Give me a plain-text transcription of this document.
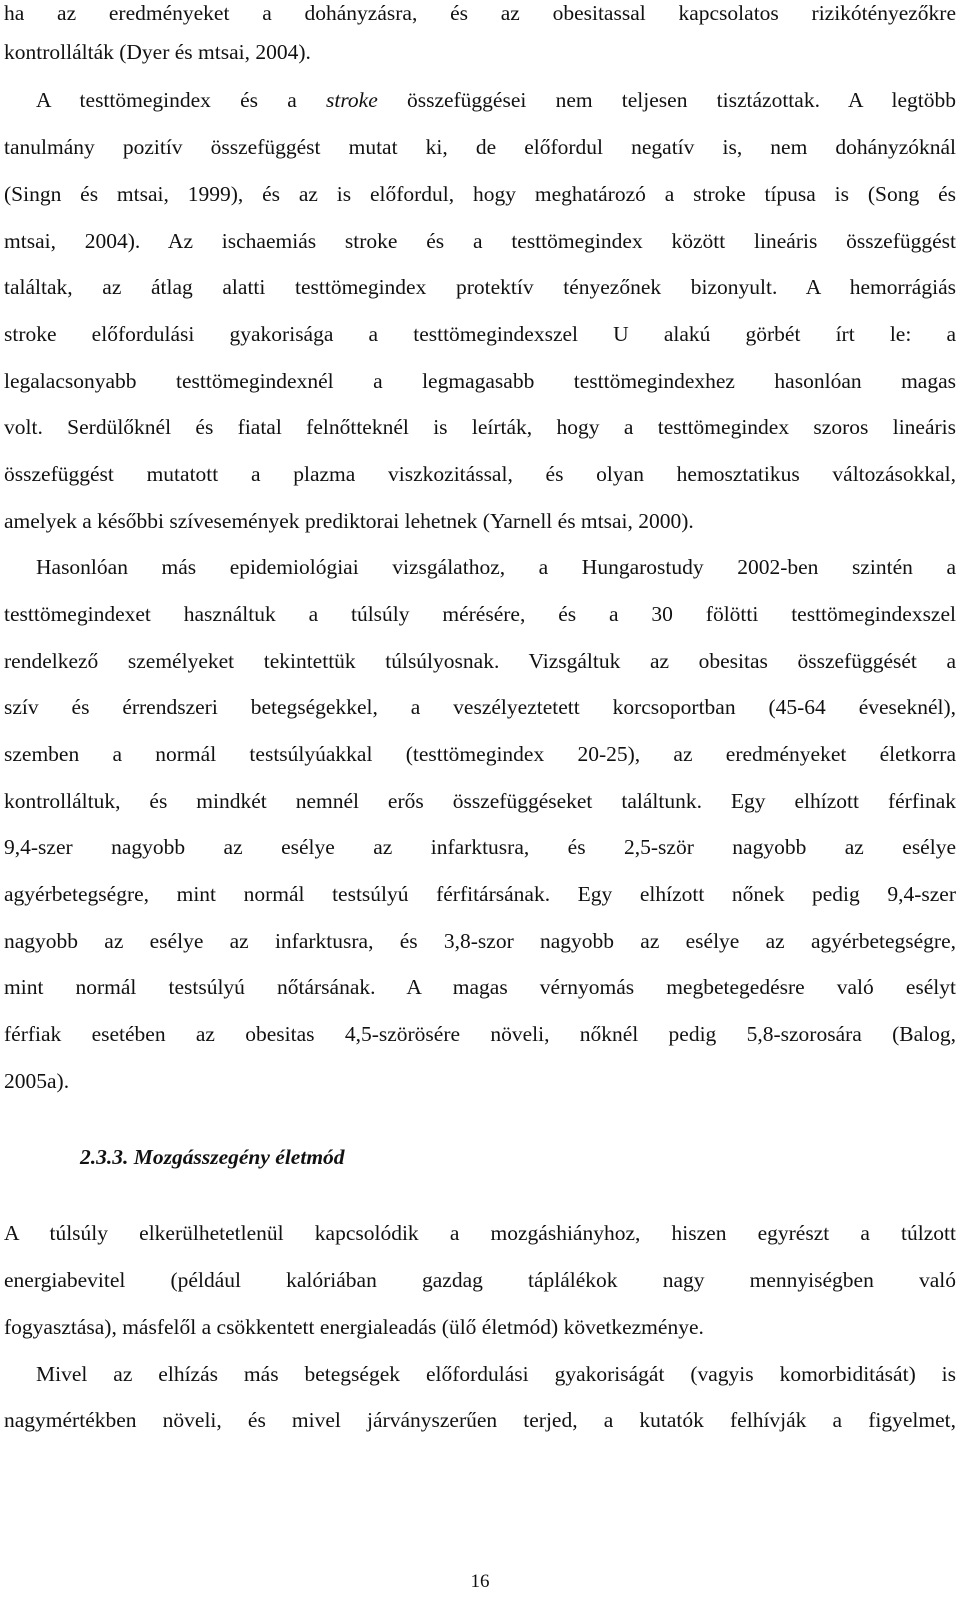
ha az eredményeket a dohányzásra, és az obesitassal kapcsolatos rizikótényezőkre
kontrollálták (Dyer és mtsai, 2004).
A testtömegindex és a stroke összefüggései nem teljesen tisztázottak. A legtöbb
tanulmány pozitív összefüggést mutat ki, de előfordul negatív is, nem dohányzóknál
(Singn és mtsai, 1999), és az is előfordul, hogy meghatározó a stroke típusa is (Song és
mtsai, 2004). Az ischaemiás stroke és a testtömegindex között lineáris összefüggést
találtak, az átlag alatti testtömegindex protektív tényezőnek bizonyult. A hemorrágiás
stroke előfordulási gyakorisága a testtömegindexszel U alakú görbét írt le: a
legalacsonyabb testtömegindexnél a legmagasabb testtömegindexhez hasonlóan magas
volt. Serdülőknél és fiatal felnőtteknél is leírták, hogy a testtömegindex szoros lineáris
összefüggést mutatott a plazma viszkozitással, és olyan hemosztatikus változásokkal,
amelyek a későbbi szívesemények prediktorai lehetnek (Yarnell és mtsai, 2000).
Hasonlóan más epidemiológiai vizsgálathoz, a Hungarostudy 2002-ben szintén a
testtömegindexet használtuk a túlsúly mérésére, és a 30 fölötti testtömegindexszel
rendelkező személyeket tekintettük túlsúlyosnak. Vizsgáltuk az obesitas összefüggését a
szív és érrendszeri betegségekkel, a veszélyeztetett korcsoportban (45-64 éveseknél),
szemben a normál testsúlyúakkal (testtömegindex 20-25), az eredményeket életkorra
kontrolláltuk, és mindkét nemnél erős összefüggéseket találtunk. Egy elhízott férfinak
9,4-szer nagyobb az esélye az infarktusra, és 2,5-ször nagyobb az esélye
agyérbetegségre, mint normál testsúlyú férfitársának. Egy elhízott nőnek pedig 9,4-szer
nagyobb az esélye az infarktusra, és 3,8-szor nagyobb az esélye az agyérbetegségre,
mint normál testsúlyú nőtársának. A magas vérnyomás megbetegedésre való esélyt
férfiak esetében az obesitas 4,5-szörösére növeli, nőknél pedig 5,8-szorosára (Balog,
2005a).
2.3.3. Mozgásszegény életmód
A túlsúly elkerülhetetlenül kapcsolódik a mozgáshiányhoz, hiszen egyrészt a túlzott
energiabevitel (például kalóriában gazdag táplálékok nagy mennyiségben való
fogyasztása), másfelől a csökkentett energialeadás (ülő életmód) következménye.
Mivel az elhízás más betegségek előfordulási gyakoriságát (vagyis komorbiditását) is
nagymértékben növeli, és mivel járványszerűen terjed, a kutatók felhívják a figyelmet,
16
